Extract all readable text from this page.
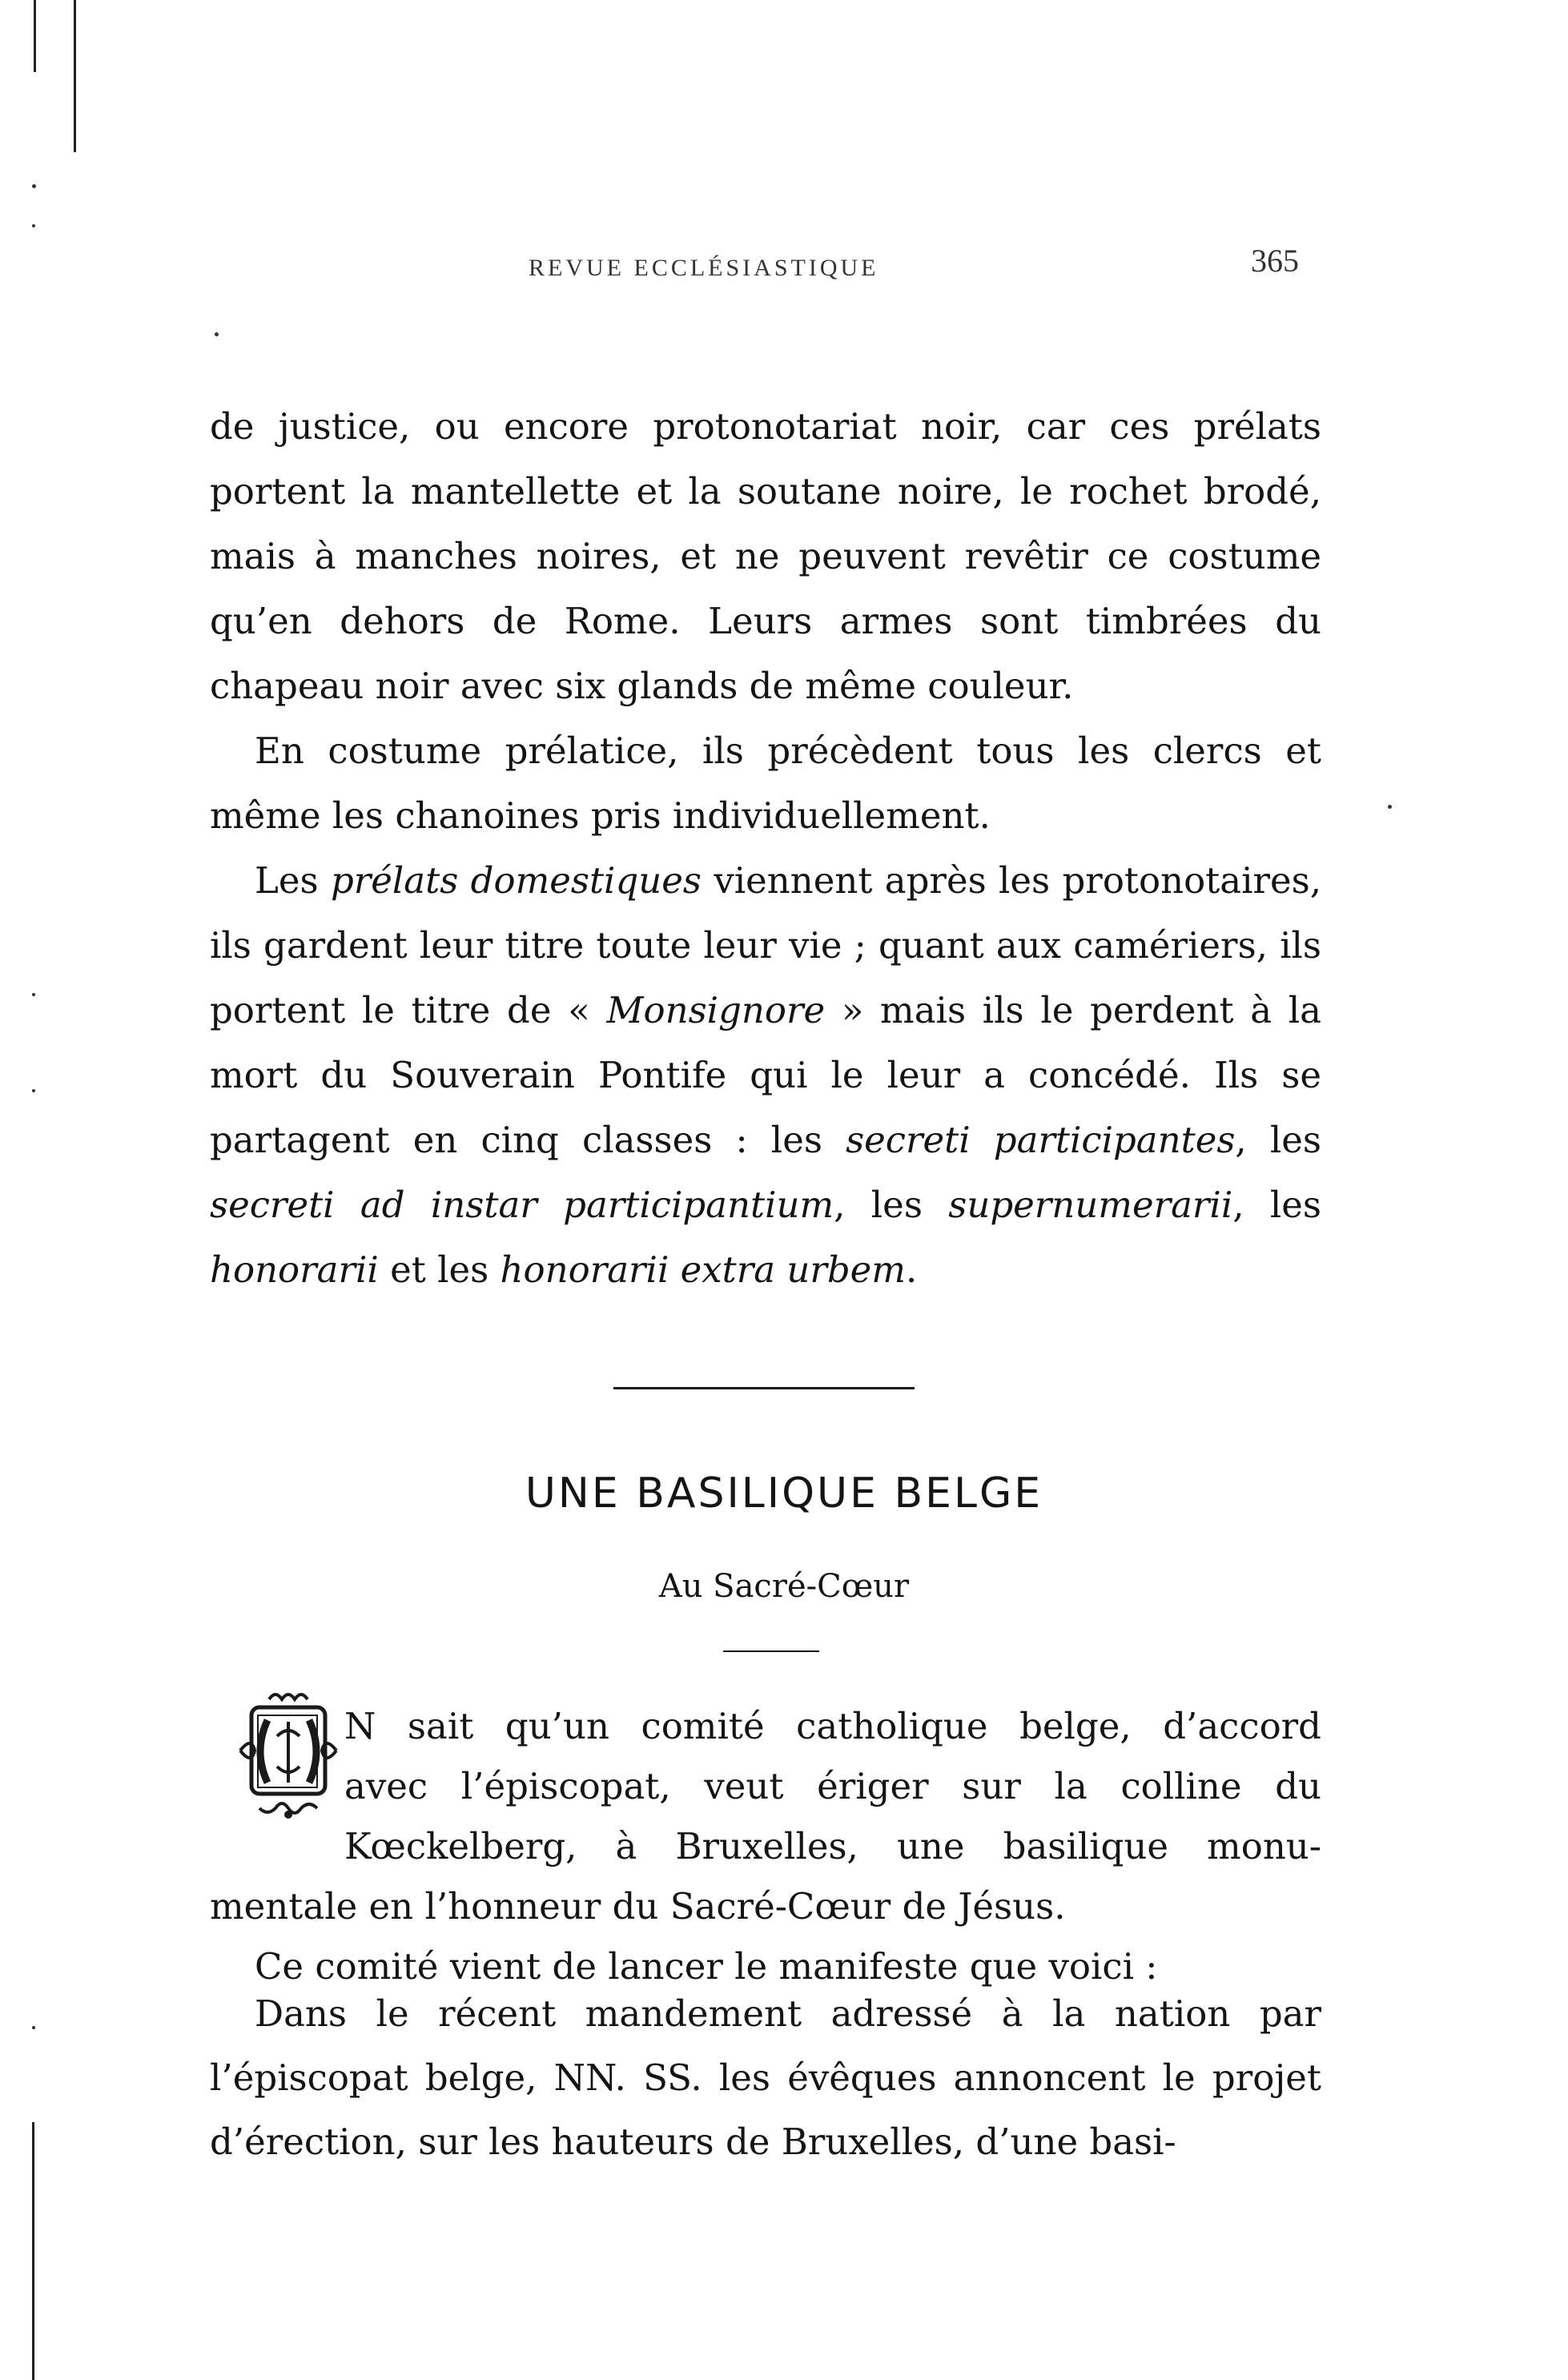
REVUE ECCLÉSIASTIQUE	365

de justice, ou encore protonotariat noir, car ces prélats portent la mantellette et la soutane noire, le rochet brodé, mais à manches noires, et ne peuvent revêtir ce costume qu’en dehors de Rome. Leurs armes sont timbrées du chapeau noir avec six glands de même couleur.

En costume prélatice, ils précèdent tous les clercs et même les chanoines pris individuellement.

Les prélats domestiques viennent après les protonotaires, ils gardent leur titre toute leur vie ; quant aux camériers, ils portent le titre de « Monsignore » mais ils le perdent à la mort du Souverain Pontife qui le leur a concédé. Ils se partagent en cinq classes : les secreti participantes, les secreti ad instar participantium, les supernumerarii, les honorarii et les honorarii extra urbem.

UNE BASILIQUE BELGE
Au Sacré-Cœur
N sait qu’un comité catholique belge, d’accord
avec l’épiscopat, veut ériger sur la colline du
Kœckelberg, à Bruxelles, une basilique monu-
mentale en l’honneur du Sacré-Cœur de Jésus.
Ce comité vient de lancer le manifeste que voici :

Dans le récent mandement adressé à la nation par l’épiscopat belge, NN. SS. les évêques annoncent le projet d’érection, sur les hauteurs de Bruxelles, d’une basi-
